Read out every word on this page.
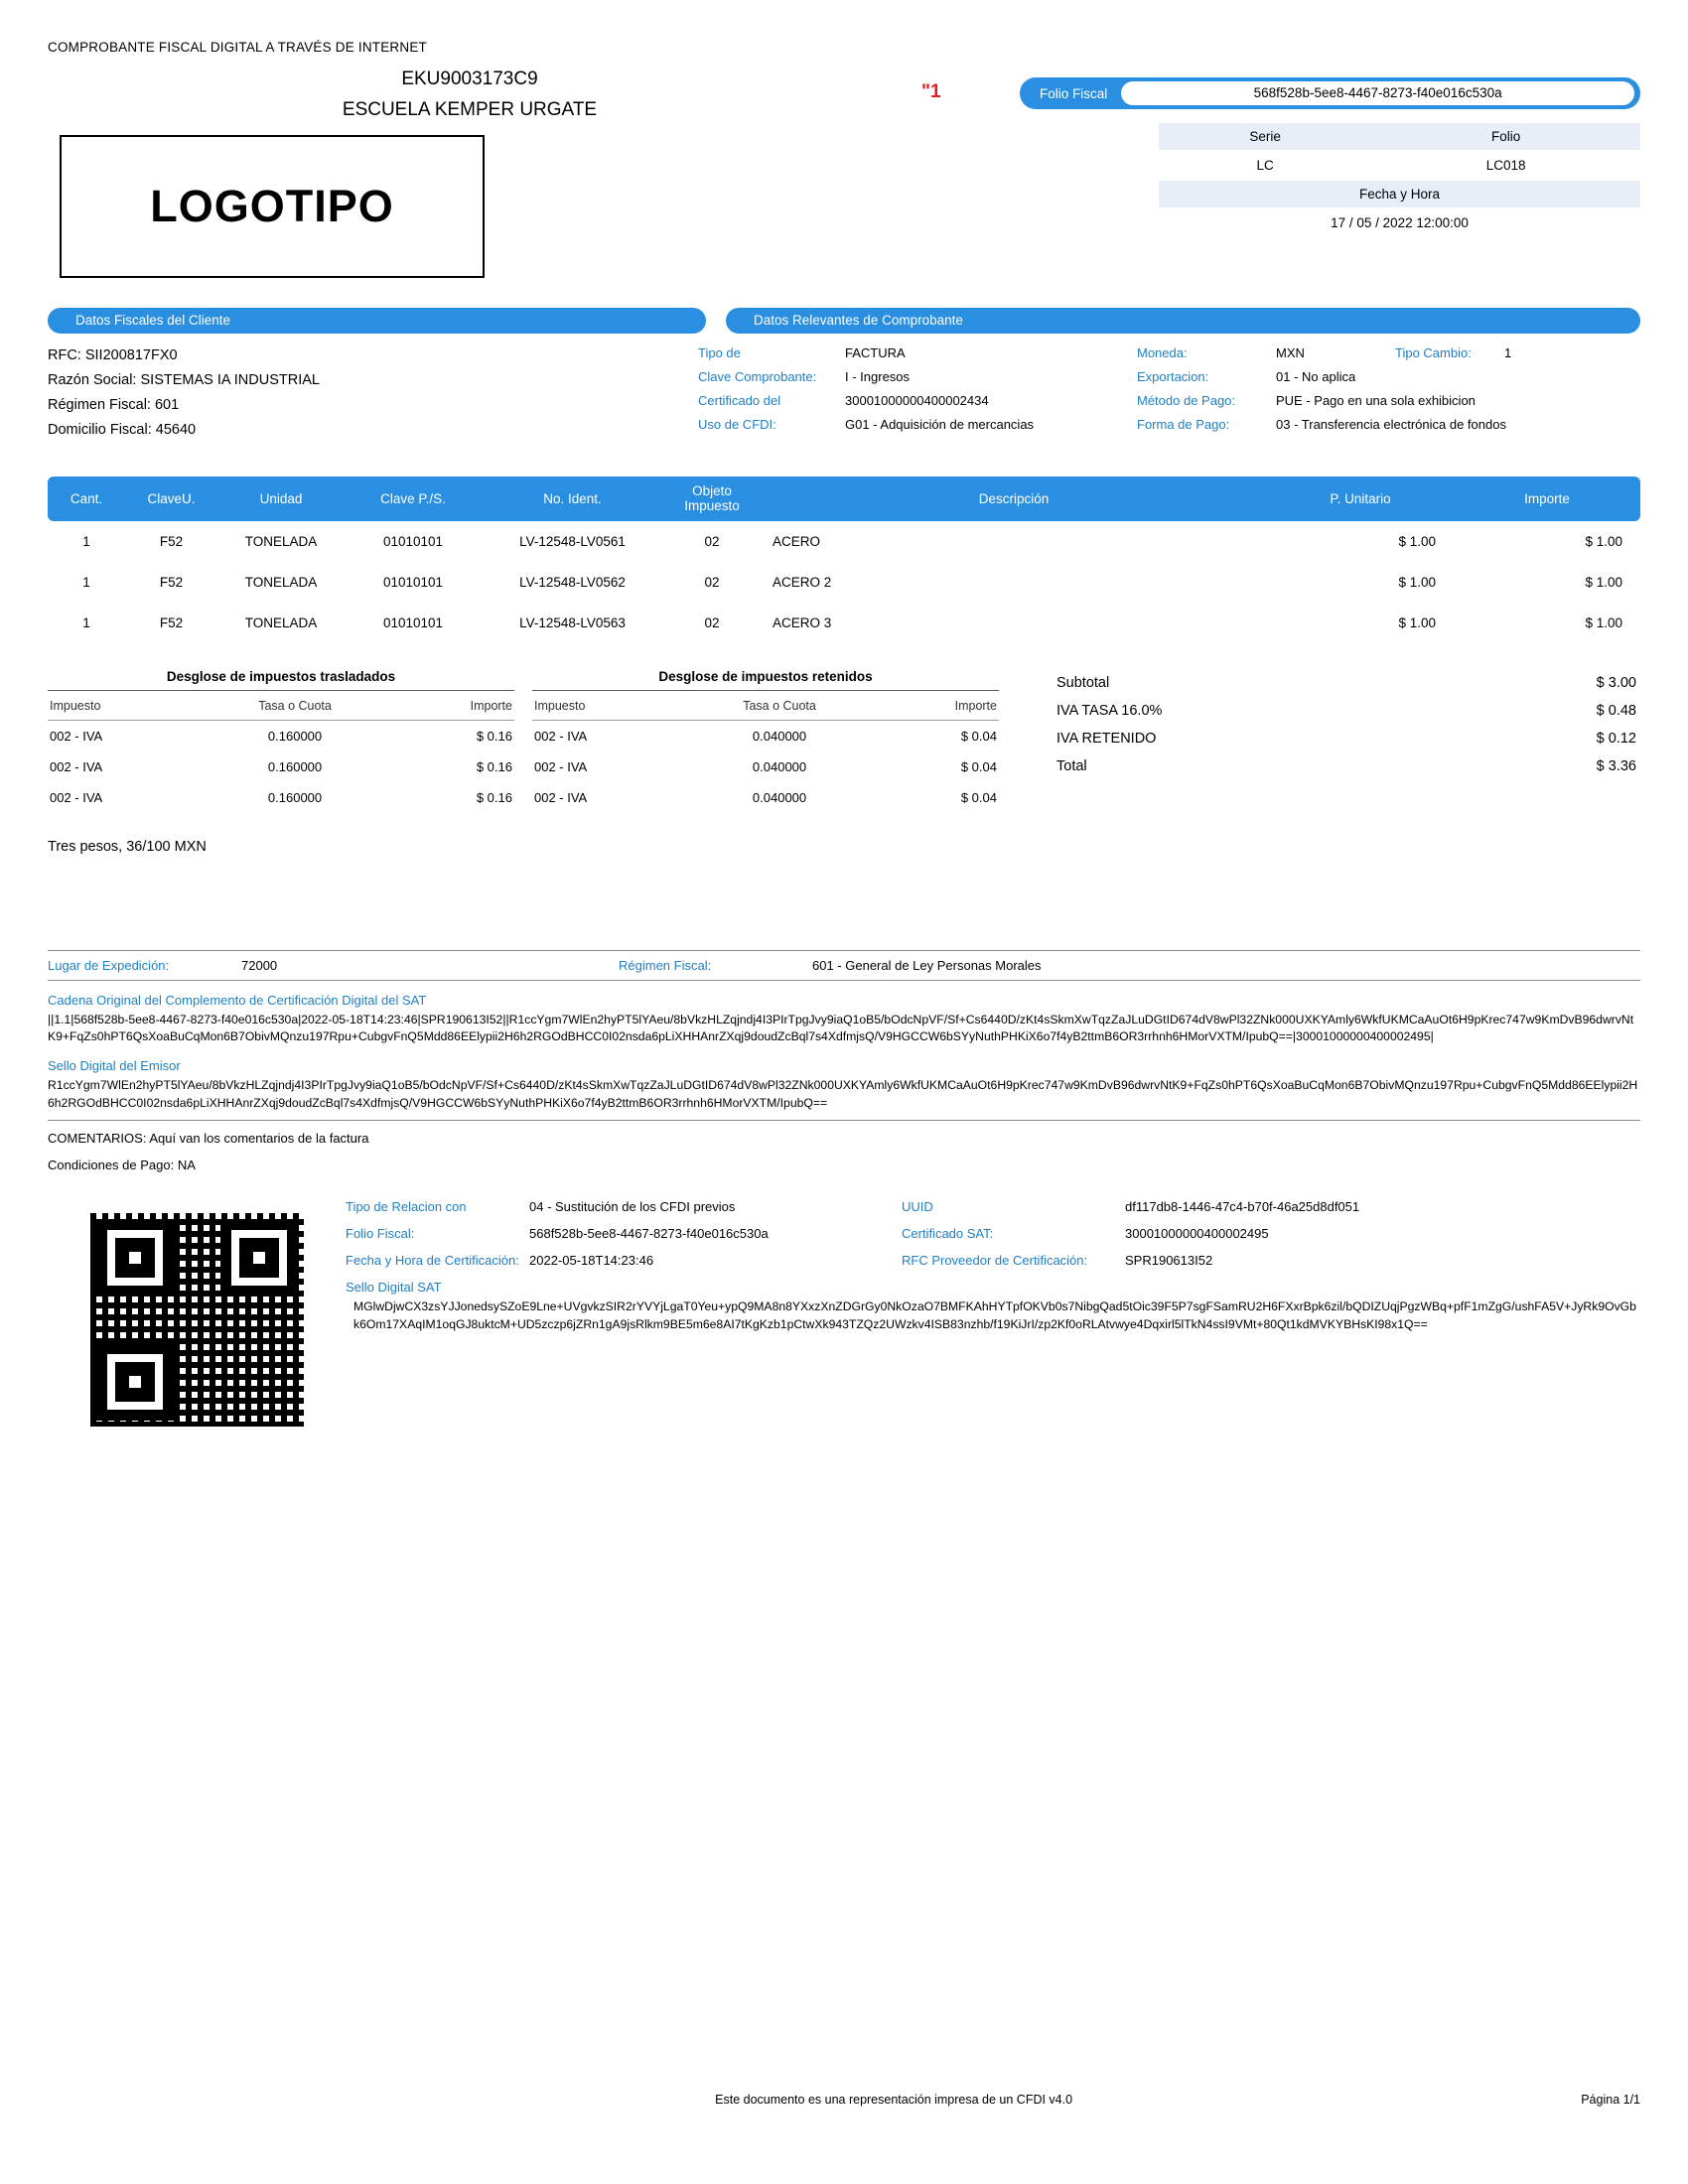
COMPROBANTE FISCAL DIGITAL A TRAVÉS DE INTERNET
EKU9003173C9
ESCUELA KEMPER URGATE
LOGOTIPO
"1	Folio Fiscal	568f528b-5ee8-4467-8273-f40e016c530a
Serie	Folio
LC	LC018
Fecha y Hora	
17 / 05 / 2022 12:00:00	
Datos Fiscales del Cliente	Datos Relevantes de Comprobante
RFC: SII200817FX0
Razón Social: SISTEMAS IA INDUSTRIAL
Régimen Fiscal: 601
Domicilio Fiscal: 45640
Tipo de	FACTURA
Clave Comprobante:	I - Ingresos
Certificado del	30001000000400002434
Uso de CFDI:	G01 - Adquisición de mercancias
Moneda:	MXN	Tipo Cambio:	1
Exportacion:	01 - No aplica
Método de Pago:	PUE - Pago en una sola exhibicion
Forma de Pago:	03 - Transferencia electrónica de fondos
Cant.	ClaveU.	Unidad	Clave P./S.	No. Ident.	Objeto Impuesto	Descripción	P. Unitario	Importe
1	F52	TONELADA	01010101	LV-12548-LV0561	02	ACERO	$ 1.00	$ 1.00
1	F52	TONELADA	01010101	LV-12548-LV0562	02	ACERO 2	$ 1.00	$ 1.00
1	F52	TONELADA	01010101	LV-12548-LV0563	02	ACERO 3	$ 1.00	$ 1.00
Desglose de impuestos trasladados
Impuesto	Tasa o Cuota	Importe
002 - IVA	0.160000	$ 0.16
002 - IVA	0.160000	$ 0.16
002 - IVA	0.160000	$ 0.16
Desglose de impuestos retenidos
Impuesto	Tasa o Cuota	Importe
002 - IVA	0.040000	$ 0.04
002 - IVA	0.040000	$ 0.04
002 - IVA	0.040000	$ 0.04
Subtotal	$ 3.00
IVA TASA 16.0%	$ 0.48
IVA RETENIDO	$ 0.12
Total	$ 3.36
Tres pesos, 36/100 MXN
Lugar de Expedición:	72000	Régimen Fiscal:	601 - General de Ley Personas Morales
Cadena Original del Complemento de Certificación Digital del SAT
||1.1|568f528b-5ee8-4467-8273-f40e016c530a|2022-05-18T14:23:46|SPR190613I52||R1ccYgm7WlEn2hyPT5lYAeu/8bVkzHLZqjndj4I3PIrTpgJvy9iaQ1oB5/bOdcNpVF/Sf+Cs6440D/zKt4sSkmXwTqzZaJLuDGtID674dV8wPl32ZNk000UXKYAmly6WkfUKMCaAuOt6H9pKrec747w9KmDvB96dwrvNtK9+FqZs0hPT6QsXoaBuCqMon6B7ObivMQnzu197Rpu+CubgvFnQ5Mdd86EElypii2H6h2RGOdBHCC0I02nsda6pLiXHHAnrZXqj9doudZcBql7s4XdfmjsQ/V9HGCCW6bSYyNuthPHKiX6o7f4yB2ttmB6OR3rrhnh6HMorVXTM/IpubQ==|30001000000400002495|
Sello Digital del Emisor
R1ccYgm7WlEn2hyPT5lYAeu/8bVkzHLZqjndj4I3PIrTpgJvy9iaQ1oB5/bOdcNpVF/Sf+Cs6440D/zKt4sSkmXwTqzZaJLuDGtID674dV8wPl32ZNk000UXKYAmly6WkfUKMCaAuOt6H9pKrec747w9KmDvB96dwrvNtK9+FqZs0hPT6QsXoaBuCqMon6B7ObivMQnzu197Rpu+CubgvFnQ5Mdd86EElypii2H6h2RGOdBHCC0I02nsda6pLiXHHAnrZXqj9doudZcBql7s4XdfmjsQ/V9HGCCW6bSYyNuthPHKiX6o7f4yB2ttmB6OR3rrhnh6HMorVXTM/IpubQ==
COMENTARIOS: Aquí van los comentarios de la factura
Condiciones de Pago: NA
Tipo de Relacion con	04 - Sustitución de los CFDI previos	UUID	df117db8-1446-47c4-b70f-46a25d8df051
Folio Fiscal:	568f528b-5ee8-4467-8273-f40e016c530a	Certificado SAT:	30001000000400002495
Fecha y Hora de Certificación: 2022-05-18T14:23:46	RFC Proveedor de Certificación:	SPR190613I52
Sello Digital SAT
MGlwDjwCX3zsYJJonedsySZoE9Lne+UVgvkzSIR2rYVYjLgaT0Yeu+ypQ9MA8n8YXxzXnZDGrGy0NkOzaO7BMFKAhHYTpfOKVb0s7NibgQad5tOic39F5P7sgFSamRU2H6FXxrBpk6zil/bQDIZUqjPgzWBq+pfF1mZgG/ushFA5V+JyRk9OvGbk6Om17XAqIM1oqGJ8uktcM+UD5zczp6jZRn1gA9jsRlkm9BE5m6e8AI7tKgKzb1pCtwXk943TZQz2UWzkv4ISB83nzhb/f19KiJrI/zp2Kf0oRLAtvwye4Dqxirl5lTkN4ssI9VMt+80Qt1kdMVKYBHsKI98x1Q==
Este documento es una representación impresa de un CFDI v4.0	Página 1/1
